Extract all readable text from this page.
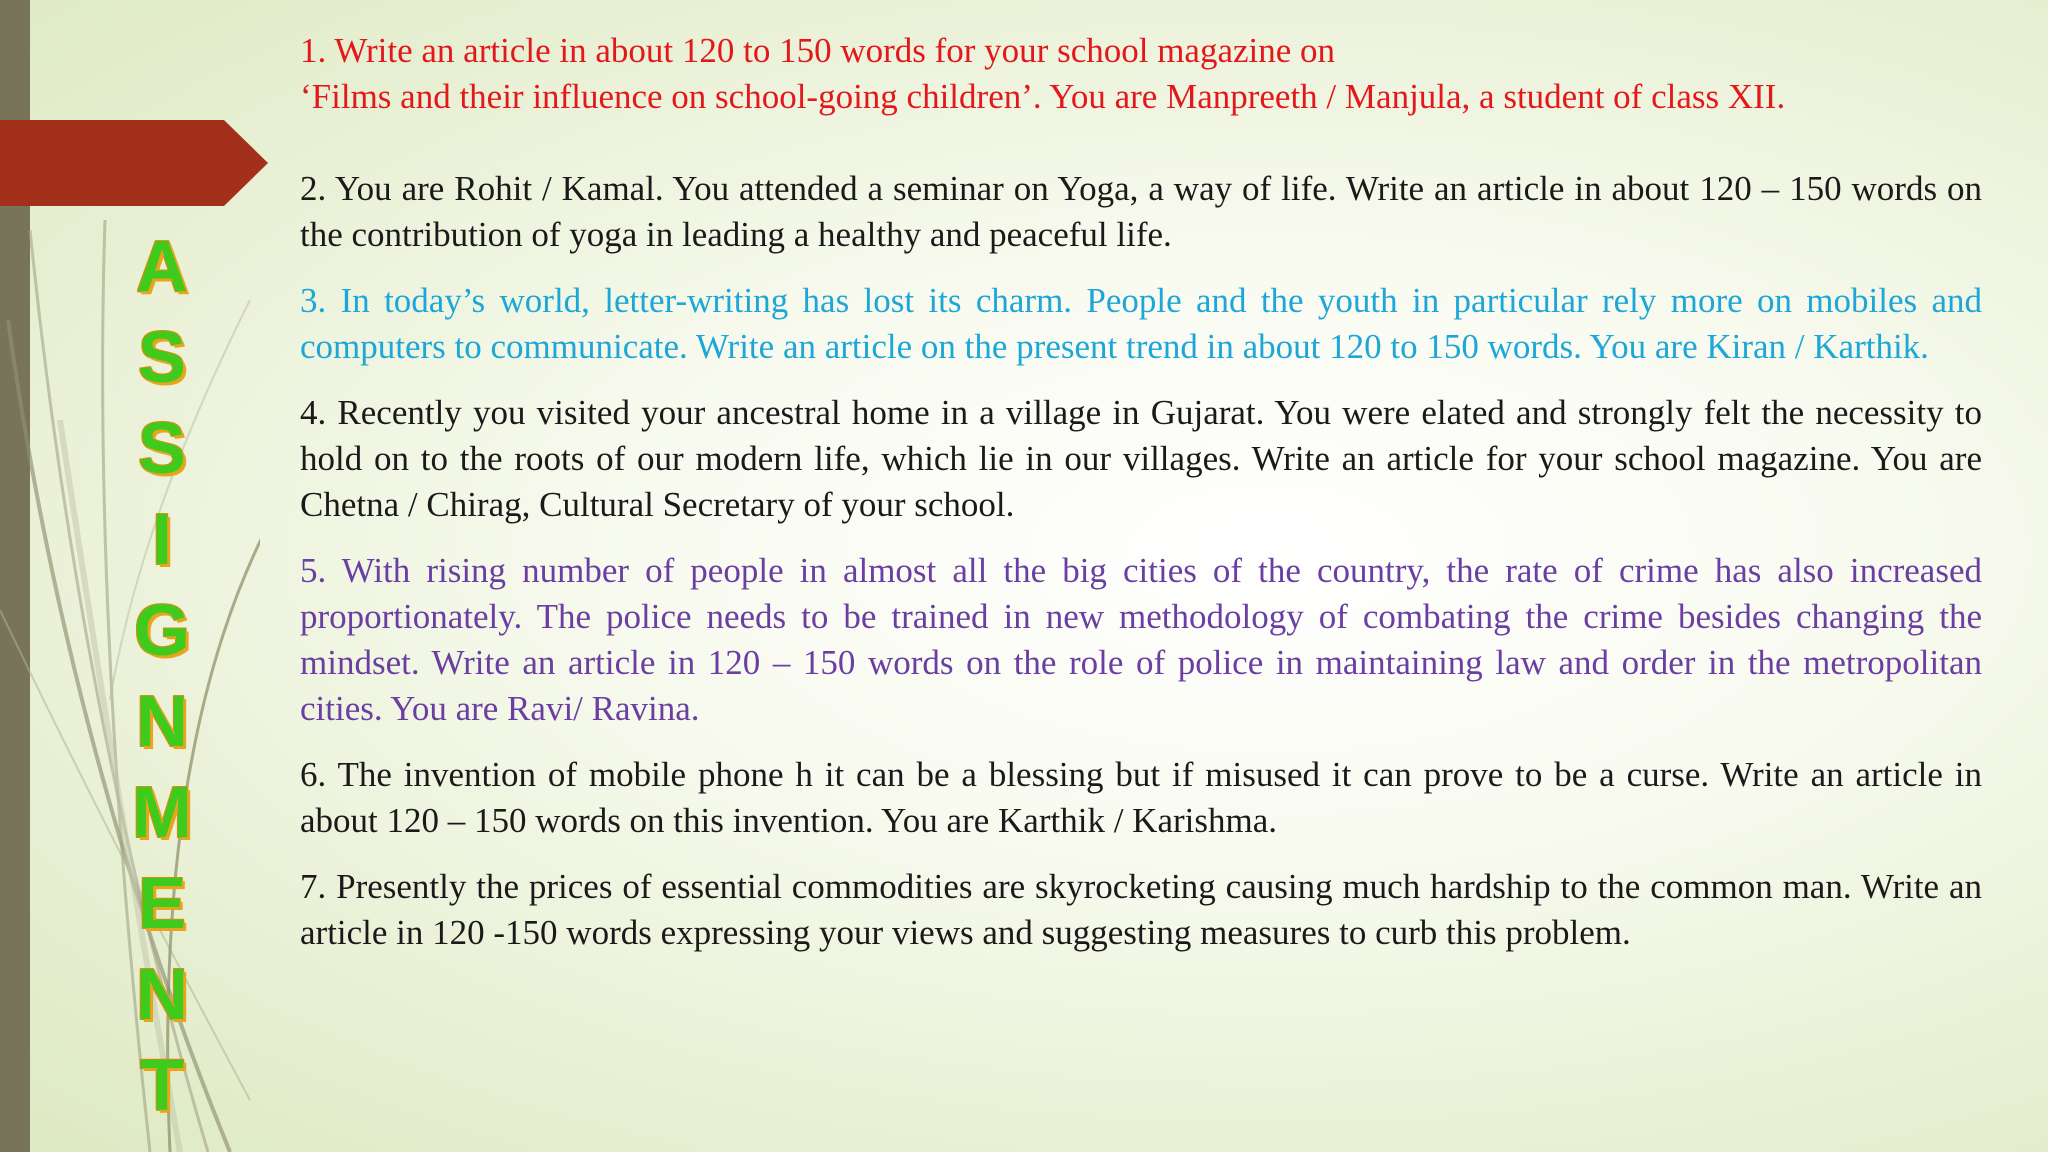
A
S
S
I
G
N
M
E
N
T
1. Write an article in about 120 to 150 words for your school magazine on
‘Films and their influence on school-going children’. You are Manpreeth / Manjula, a student of class XII.

2. You are Rohit / Kamal. You attended a seminar on Yoga, a way of life. Write an article in about 120 – 150 words on the contribution of yoga in leading a healthy and peaceful life.

3. In today’s world, letter-writing has lost its charm. People and the youth in particular rely more on mobiles and computers to communicate. Write an article on the present trend in about 120 to 150 words. You are Kiran / Karthik.

4. Recently you visited your ancestral home in a village in Gujarat. You were elated and strongly felt the necessity to hold on to the roots of our modern life, which lie in our villages. Write an article for your school magazine. You are Chetna / Chirag, Cultural Secretary of your school.

5. With rising number of people in almost all the big cities of the country, the rate of crime has also increased proportionately. The police needs to be trained in new methodology of combating the crime besides changing the mindset. Write an article in 120 – 150 words on the role of police in maintaining law and order in the metropolitan cities. You are Ravi/ Ravina.

6. The invention of mobile phone h it can be a blessing but if misused it can prove to be a curse. Write an article in about 120 – 150 words on this invention. You are Karthik / Karishma.

7. Presently the prices of essential commodities are skyrocketing causing much hardship to the common man. Write an article in 120 -150 words expressing your views and suggesting measures to curb this problem.
